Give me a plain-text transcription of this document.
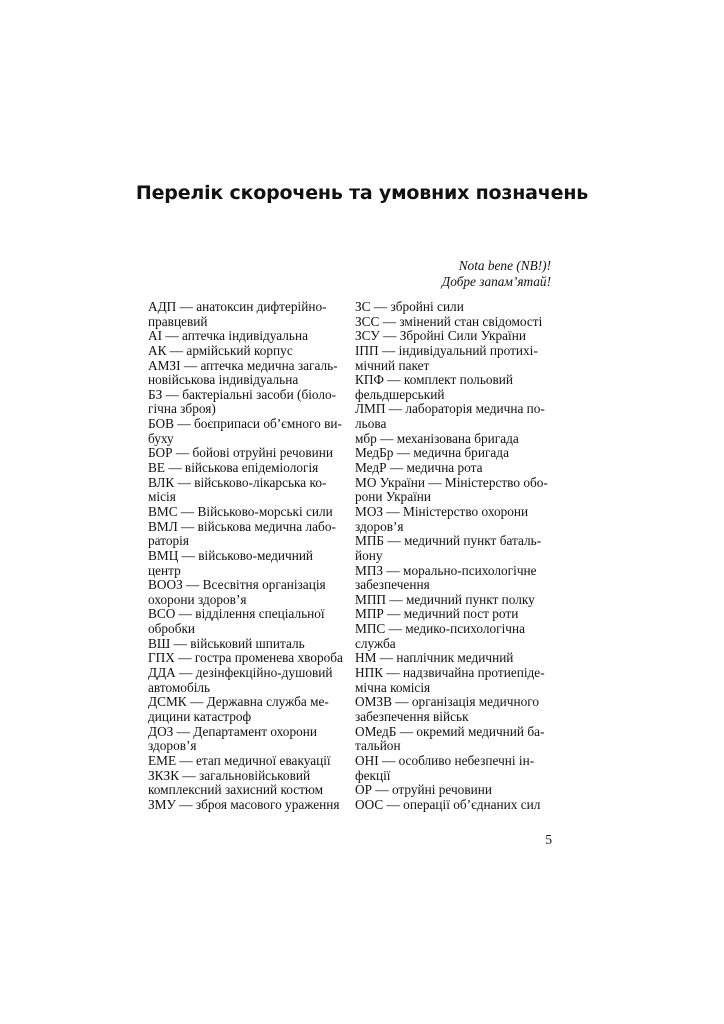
Перелік скорочень та умовних позначень
Nota bene (NB!)!
Добре запам’ятай!
АДП — анатоксин дифтерійно-
правцевий
АІ — аптечка індивідуальна
АК — армійський корпус
АМЗІ — аптечка медична загаль-
новійськова індивідуальна
БЗ — бактеріальні засоби (біоло-
гічна зброя)
БОВ — боєприпаси об’ємного ви-
буху
БОР — бойові отруйні речовини
ВЕ — військова епідеміологія
ВЛК — військово-лікарська ко-
місія
ВМС — Військово-морські сили
ВМЛ — військова медична лабо-
раторія
ВМЦ — військово-медичний
центр
ВООЗ — Всесвітня організація
охорони здоров’я
ВСО — відділення спеціальної
обробки
ВШ — військовий шпиталь
ГПХ — гостра променева хвороба
ДДА — дезінфекційно-душовий
автомобіль
ДСМК — Державна служба ме-
дицини катастроф
ДОЗ — Департамент охорони
здоров’я
ЕМЕ — етап медичної евакуації
ЗКЗК — загальновійськовий
комплексний захисний костюм
ЗМУ — зброя масового ураження
ЗС — збройні сили
ЗСС — змінений стан свідомості
ЗСУ — Збройні Сили України
ІПП — індивідуальний протихі-
мічний пакет
КПФ — комплект польовий
фельдшерський
ЛМП — лабораторія медична по-
льова
мбр — механізована бригада
МедБр — медична бригада
МедР — медична рота
МО України — Міністерство обо-
рони України
МОЗ — Міністерство охорони
здоров’я
МПБ — медичний пункт баталь-
йону
МПЗ — морально-психологічне
забезпечення
МПП — медичний пункт полку
МПР — медичний пост роти
МПС — медико-психологічна
служба
НМ — наплічник медичний
НПК — надзвичайна протиепіде-
мічна комісія
ОМЗВ — організація медичного
забезпечення військ
ОМедБ — окремий медичний ба-
тальйон
ОНІ — особливо небезпечні ін-
фекції
ОР — отруйні речовини
ООС — операції об’єднаних сил
5
